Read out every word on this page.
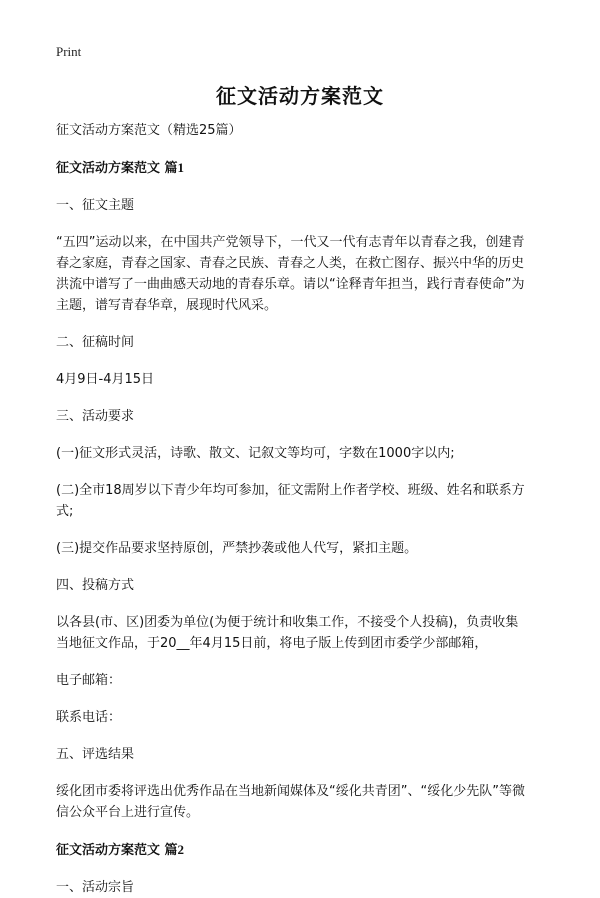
Print
征文活动方案范文

征文活动方案范文（精选25篇）

征文活动方案范文 篇1

一、征文主题

“五四”运动以来，在中国共产党领导下，一代又一代有志青年以青春之我，创建青

春之家庭，青春之国家、青春之民族、青春之人类，在救亡图存、振兴中华的历史

洪流中谱写了一曲曲感天动地的青春乐章。请以“诠释青年担当，践行青春使命”为

主题，谱写青春华章，展现时代风采。

二、征稿时间

4月9日-4月15日

三、活动要求

(一)征文形式灵活，诗歌、散文、记叙文等均可，字数在1000字以内;

(二)全市18周岁以下青少年均可参加，征文需附上作者学校、班级、姓名和联系方

式;

(三)提交作品要求坚持原创，严禁抄袭或他人代写，紧扣主题。

四、投稿方式

以各县(市、区)团委为单位(为便于统计和收集工作，不接受个人投稿)，负责收集

当地征文作品，于20__年4月15日前，将电子版上传到团市委学少部邮箱，

电子邮箱：

联系电话：

五、评选结果

绥化团市委将评选出优秀作品在当地新闻媒体及“绥化共青团”、“绥化少先队”等微

信公众平台上进行宣传。

征文活动方案范文 篇2

一、活动宗旨
